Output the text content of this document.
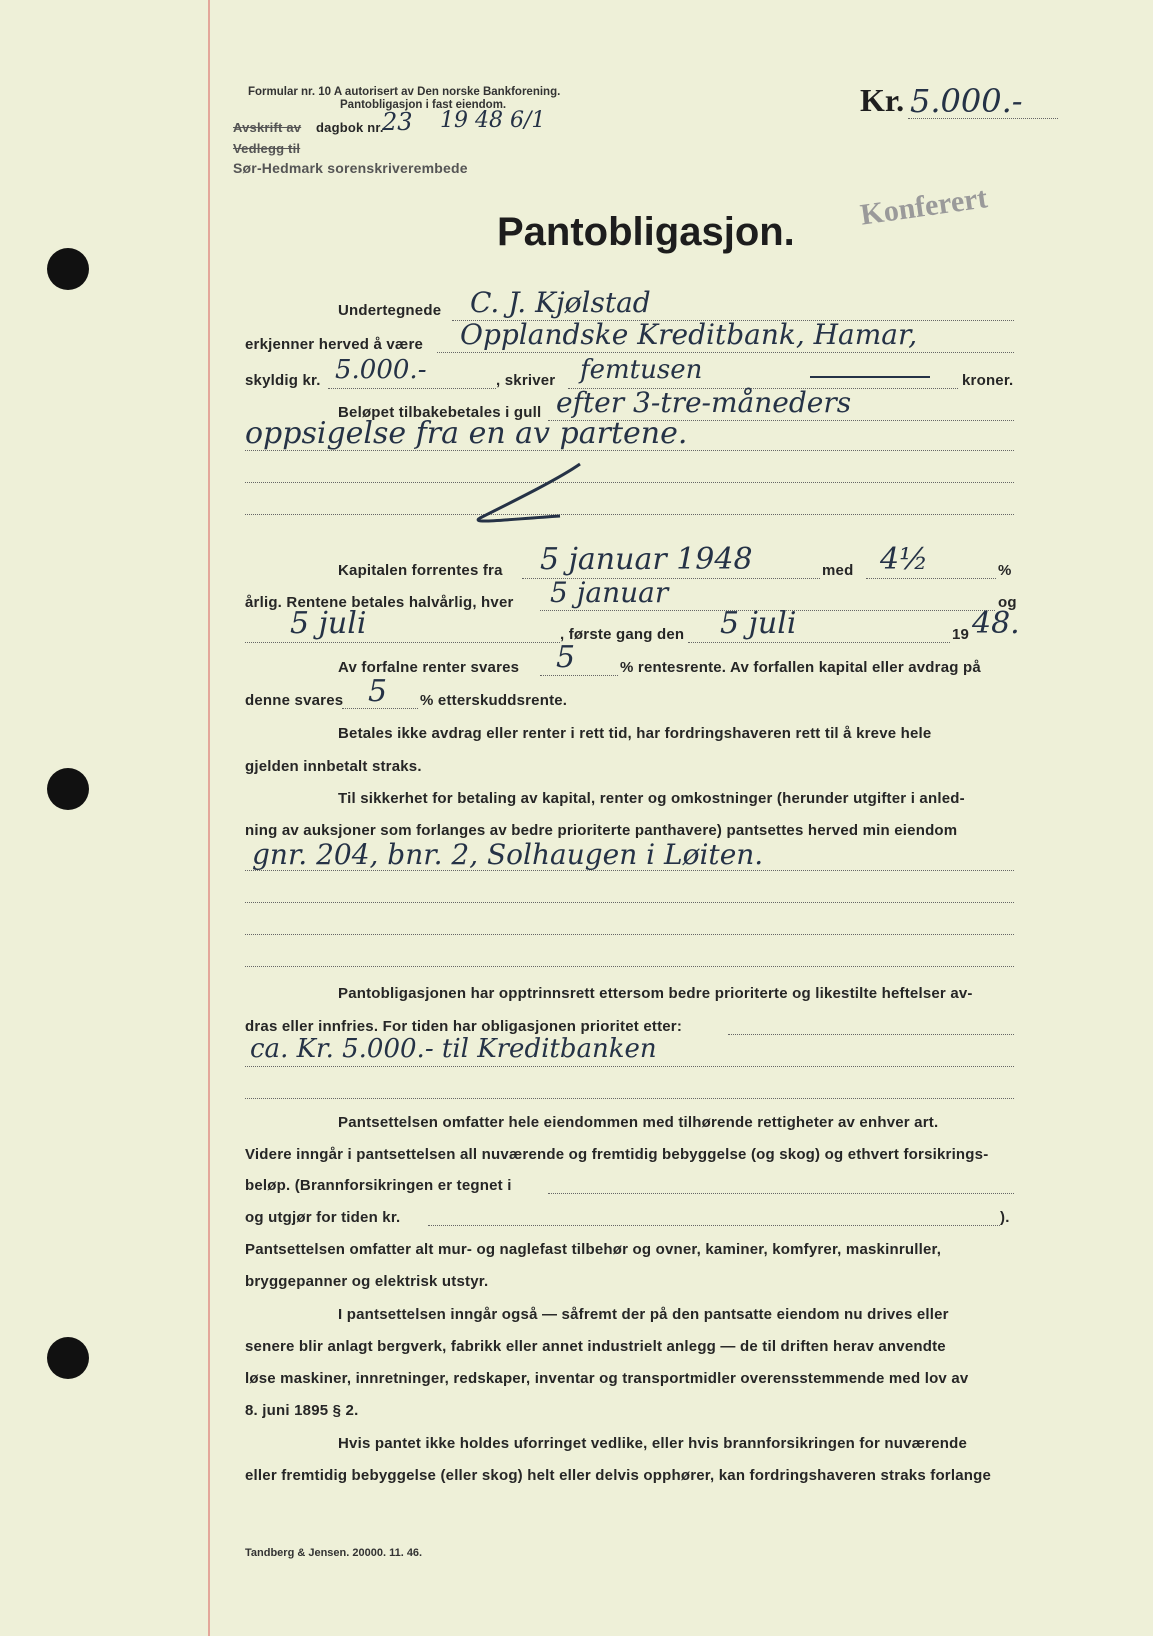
Formular nr. 10 A autorisert av Den norske Bankforening.
Pantobligasjon i fast eiendom.
Avskrift av dagbok nr.
23 19 48 6/1
Vedlegg til
Sør-Hedmark sorenskriverembede
Kr. 5.000.-
Konferert
Pantobligasjon.
Undertegnede C. J. Kjølstad
erkjenner herved å være Opplandske Kreditbank, Hamar,
skyldig kr. 5.000.-	, skriver femtusen	kroner.
Beløpet tilbakebetales i gull efter 3-tre-måneders
oppsigelse fra en av partene.
Kapitalen forrentes fra 5 januar 1948	med 4½	%
årlig. Rentene betales halvårlig, hver 5 januar	og
5 juli	, første gang den 5 juli	19 48.
Av forfalne renter svares 5	% rentesrente. Av forfallen kapital eller avdrag på
denne svares 5 % etterskuddsrente.
Betales ikke avdrag eller renter i rett tid, har fordringshaveren rett til å kreve hele
gjelden innbetalt straks.
Til sikkerhet for betaling av kapital, renter og omkostninger (herunder utgifter i anled-
ning av auksjoner som forlanges av bedre prioriterte panthavere) pantsettes herved min eiendom
gnr. 204, bnr. 2, Solhaugen i Løiten.
Pantobligasjonen har opptrinnsrett ettersom bedre prioriterte og likestilte heftelser av-
dras eller innfries. For tiden har obligasjonen prioritet etter:
ca. Kr. 5.000.- til Kreditbanken
Pantsettelsen omfatter hele eiendommen med tilhørende rettigheter av enhver art.
Videre inngår i pantsettelsen all nuværende og fremtidig bebyggelse (og skog) og ethvert forsikrings-
beløp. (Brannforsikringen er tegnet i
og utgjør for tiden kr.	).
Pantsettelsen omfatter alt mur- og naglefast tilbehør og ovner, kaminer, komfyrer, maskinruller,
bryggepanner og elektrisk utstyr.
I pantsettelsen inngår også — såfremt der på den pantsatte eiendom nu drives eller
senere blir anlagt bergverk, fabrikk eller annet industrielt anlegg — de til driften herav anvendte
løse maskiner, innretninger, redskaper, inventar og transportmidler overensstemmende med lov av
8. juni 1895 § 2.
Hvis pantet ikke holdes uforringet vedlike, eller hvis brannforsikringen for nuværende
eller fremtidig bebyggelse (eller skog) helt eller delvis opphører, kan fordringshaveren straks forlange
Tandberg & Jensen. 20000. 11. 46.
